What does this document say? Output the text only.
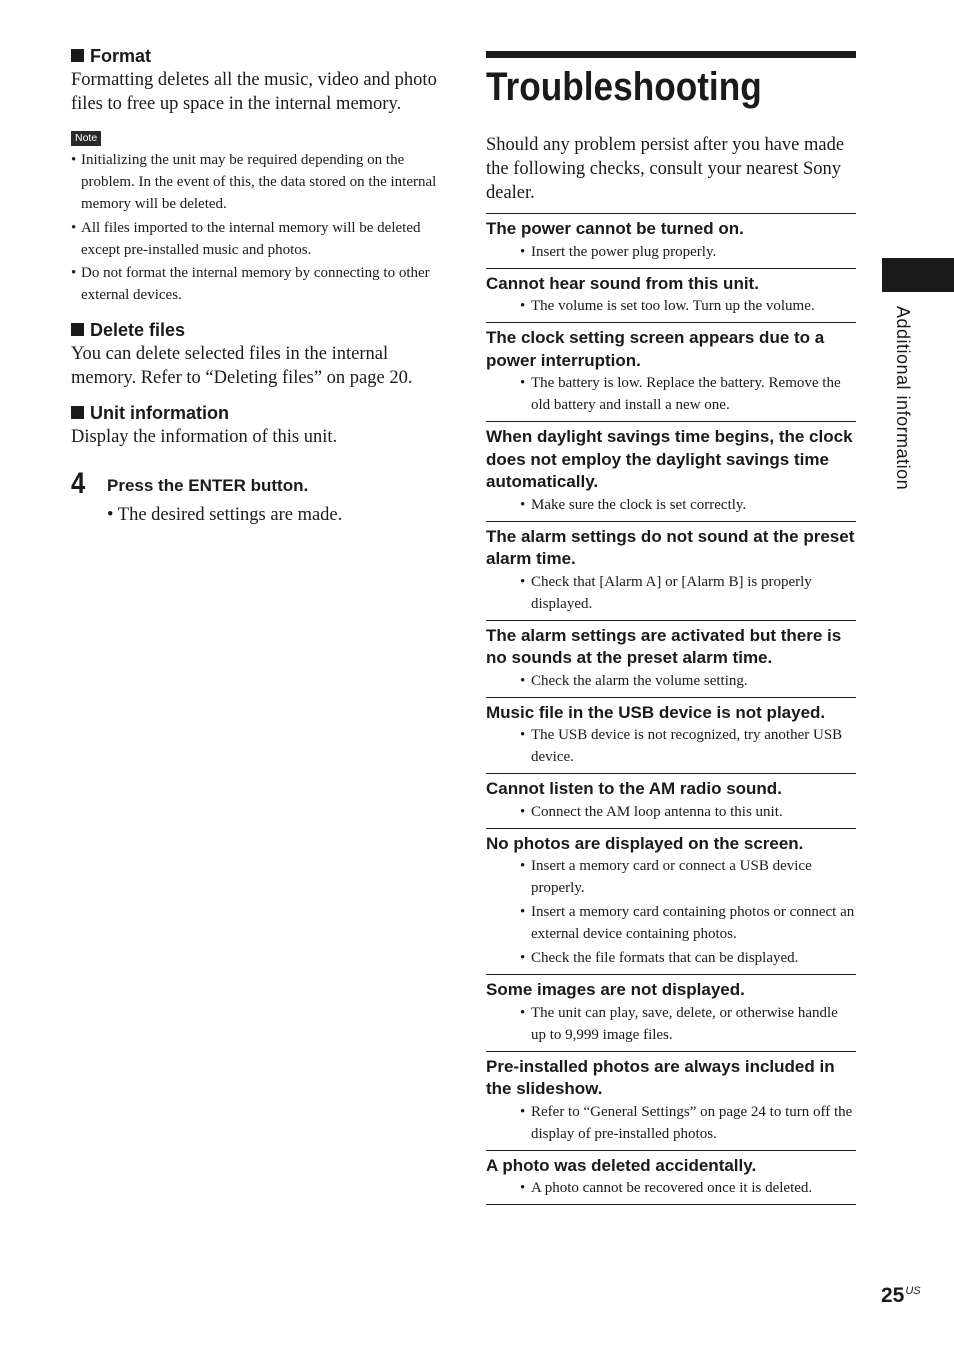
Format

Formatting deletes all the music, video and photo files to free up space in the internal memory.

Note
• Initializing the unit may be required depending on the problem. In the event of this, the data stored on the internal memory will be deleted.
• All files imported to the internal memory will be deleted except pre-installed music and photos.
• Do not format the internal memory by connecting to other external devices.
Delete files

You can delete selected files in the internal memory. Refer to “Deleting files” on page 20.

Unit information

Display the information of this unit.

4 Press the ENTER button.
• The desired settings are made.
Troubleshooting

Should any problem persist after you have made the following checks, consult your nearest Sony dealer.

The power cannot be turned on.
• Insert the power plug properly.
Cannot hear sound from this unit.
• The volume is set too low. Turn up the volume.
The clock setting screen appears due to a power interruption.
• The battery is low. Replace the battery. Remove the old battery and install a new one.
When daylight savings time begins, the clock does not employ the daylight savings time automatically.
• Make sure the clock is set correctly.
The alarm settings do not sound at the preset alarm time.
• Check that [Alarm A] or [Alarm B] is properly displayed.
The alarm settings are activated but there is no sounds at the preset alarm time.
• Check the alarm the volume setting.
Music file in the USB device is not played.
• The USB device is not recognized, try another USB device.
Cannot listen to the AM radio sound.
• Connect the AM loop antenna to this unit.
No photos are displayed on the screen.
• Insert a memory card or connect a USB device properly.
• Insert a memory card containing photos or connect an external device containing photos.
• Check the file formats that can be displayed.
Some images are not displayed.
• The unit can play, save, delete, or otherwise handle up to 9,999 image files.
Pre-installed photos are always included in the slideshow.
• Refer to “General Settings” on page 24 to turn off the display of pre-installed photos.
A photo was deleted accidentally.
• A photo cannot be recovered once it is deleted.
Additional information
$25^{US}$
